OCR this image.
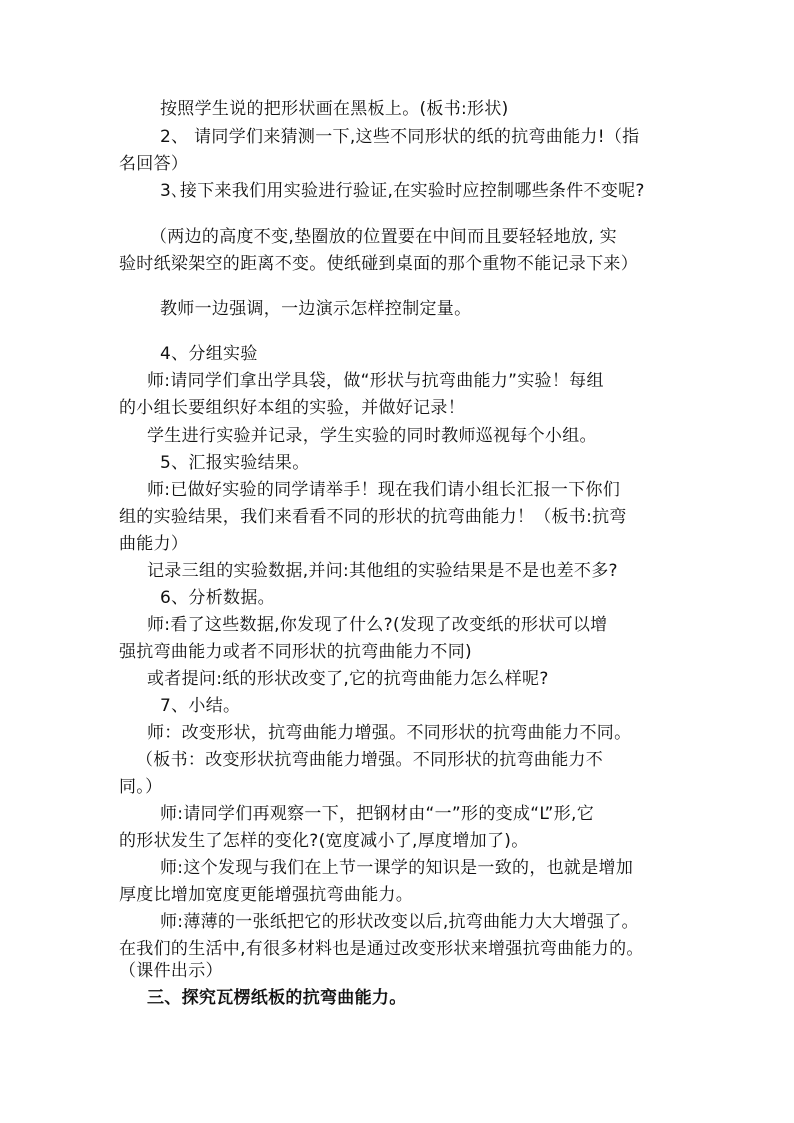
按照学生说的把形状画在黑板上。(板书:形状)
2、 请同学们来猜测一下,这些不同形状的纸的抗弯曲能力!（指
名回答）
3､接下来我们用实验进行验证,在实验时应控制哪些条件不变呢?
（两边的高度不变,垫圈放的位置要在中间而且要轻轻地放, 实
验时纸梁架空的距离不变。使纸碰到桌面的那个重物不能记录下来）
教师一边强调，一边演示怎样控制定量。
4、分组实验
师:请同学们拿出学具袋，做“形状与抗弯曲能力”实验！每组
的小组长要组织好本组的实验，并做好记录！
学生进行实验并记录，学生实验的同时教师巡视每个小组。
5、汇报实验结果。
师:已做好实验的同学请举手！现在我们请小组长汇报一下你们
组的实验结果，我们来看看不同的形状的抗弯曲能力！（板书:抗弯
曲能力）
记录三组的实验数据,并问:其他组的实验结果是不是也差不多?
6、分析数据。
师:看了这些数据,你发现了什么?(发现了改变纸的形状可以增
强抗弯曲能力或者不同形状的抗弯曲能力不同)
或者提问:纸的形状改变了,它的抗弯曲能力怎么样呢?
7、小结。
师：改变形状，抗弯曲能力增强。不同形状的抗弯曲能力不同。
（板书：改变形状抗弯曲能力增强。不同形状的抗弯曲能力不
同。）
师:请同学们再观察一下，把钢材由“一”形的变成“L”形,它
的形状发生了怎样的变化?(宽度减小了,厚度增加了)。
师:这个发现与我们在上节一课学的知识是一致的，也就是增加
厚度比增加宽度更能增强抗弯曲能力。
师:薄薄的一张纸把它的形状改变以后,抗弯曲能力大大增强了。
在我们的生活中,有很多材料也是通过改变形状来增强抗弯曲能力的。
（课件出示）
三、探究瓦楞纸板的抗弯曲能力。
